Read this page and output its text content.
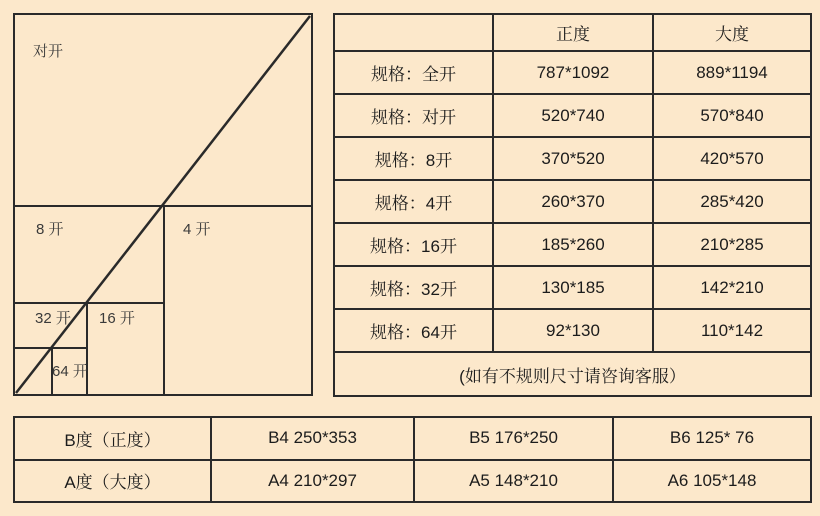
对开
8 开	4 开
32 开 16 开
64 开
	正度	大度
规格：全开	787*1092	889*1194
规格：对开	520*740	570*840
规格：8开	370*520	420*570
规格：4开	260*370	285*420
规格：16开	185*260	210*285
规格：32开	130*185	142*210
规格：64开	92*130	110*142
(如有不规则尺寸请咨询客服）		
B度（正度）	B4 250*353	B5 176*250	B6 125* 76
A度（大度）	A4 210*297	A5 148*210	A6 105*148
